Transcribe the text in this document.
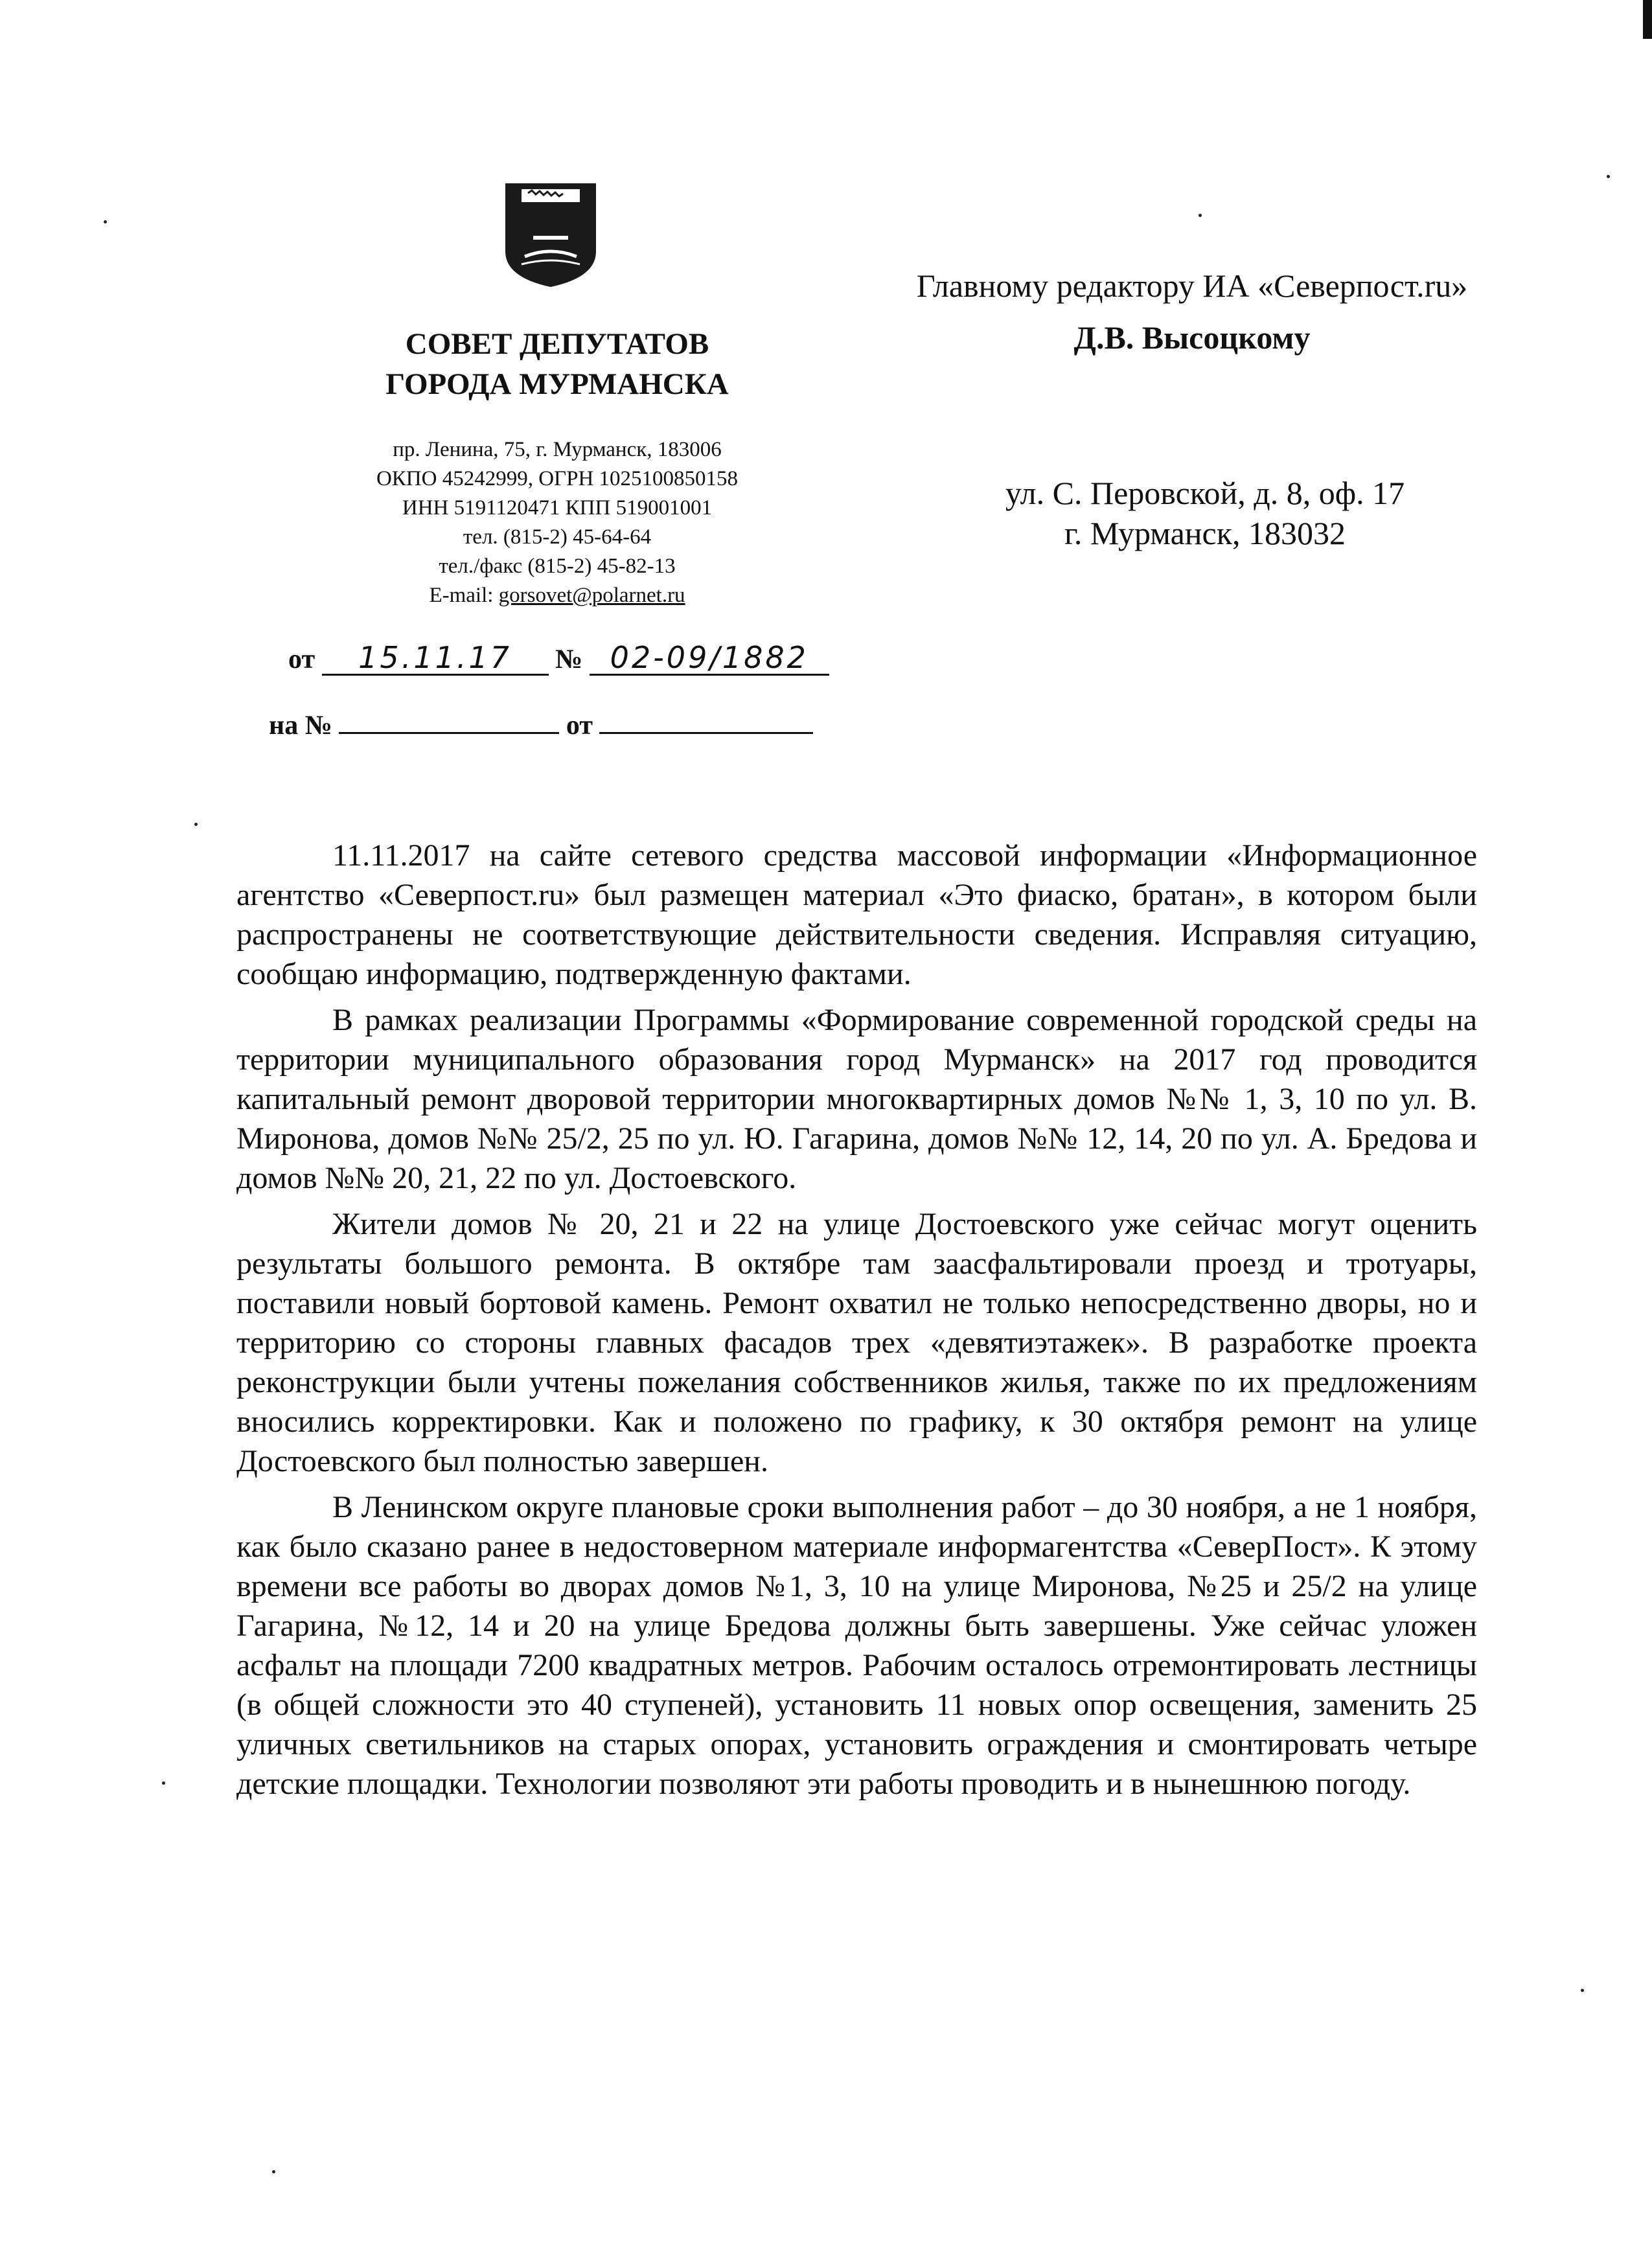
СОВЕТ ДЕПУТАТОВ
ГОРОДА МУРМАНСКА
пр. Ленина, 75, г. Мурманск, 183006
ОКПО 45242999, ОГРН 1025100850158
ИНН 5191120471 КПП 519001001
тел. (815-2) 45-64-64
тел./факс (815-2) 45-82-13
E-mail: gorsovet@polarnet.ru
от 15.11.17 № 02-09/1882
на №	от
Главному редактору ИА «Северпост.ru»
Д.В. Высоцкому
ул. С. Перовской, д. 8, оф. 17
г. Мурманск, 183032

11.11.2017 на сайте сетевого средства массовой информации «Информационное агентство «Северпост.ru» был размещен материал «Это фиаско, братан», в котором были распространены не соответствующие действительности сведения. Исправляя ситуацию, сообщаю информацию, подтвержденную фактами.

В рамках реализации Программы «Формирование современной городской среды на территории муниципального образования город Мурманск» на 2017 год проводится капитальный ремонт дворовой территории многоквартирных домов №№ 1, 3, 10 по ул. В. Миронова, домов №№ 25/2, 25 по ул. Ю. Гагарина, домов №№ 12, 14, 20 по ул. А. Бредова и домов №№ 20, 21, 22 по ул. Достоевского.

Жители домов № 20, 21 и 22 на улице Достоевского уже сейчас могут оценить результаты большого ремонта. В октябре там заасфальтировали проезд и тротуары, поставили новый бортовой камень. Ремонт охватил не только непосредственно дворы, но и территорию со стороны главных фасадов трех «девятиэтажек». В разработке проекта реконструкции были учтены пожелания собственников жилья, также по их предложениям вносились корректировки. Как и положено по графику, к 30 октября ремонт на улице Достоевского был полностью завершен.

В Ленинском округе плановые сроки выполнения работ – до 30 ноября, а не 1 ноября, как было сказано ранее в недостоверном материале информагентства «СеверПост». К этому времени все работы во дворах домов №1, 3, 10 на улице Миронова, №25 и 25/2 на улице Гагарина, №12, 14 и 20 на улице Бредова должны быть завершены. Уже сейчас уложен асфальт на площади 7200 квадратных метров. Рабочим осталось отремонтировать лестницы (в общей сложности это 40 ступеней), установить 11 новых опор освещения, заменить 25 уличных светильников на старых опорах, установить ограждения и смонтировать четыре детские площадки. Технологии позволяют эти работы проводить и в нынешнюю погоду.
